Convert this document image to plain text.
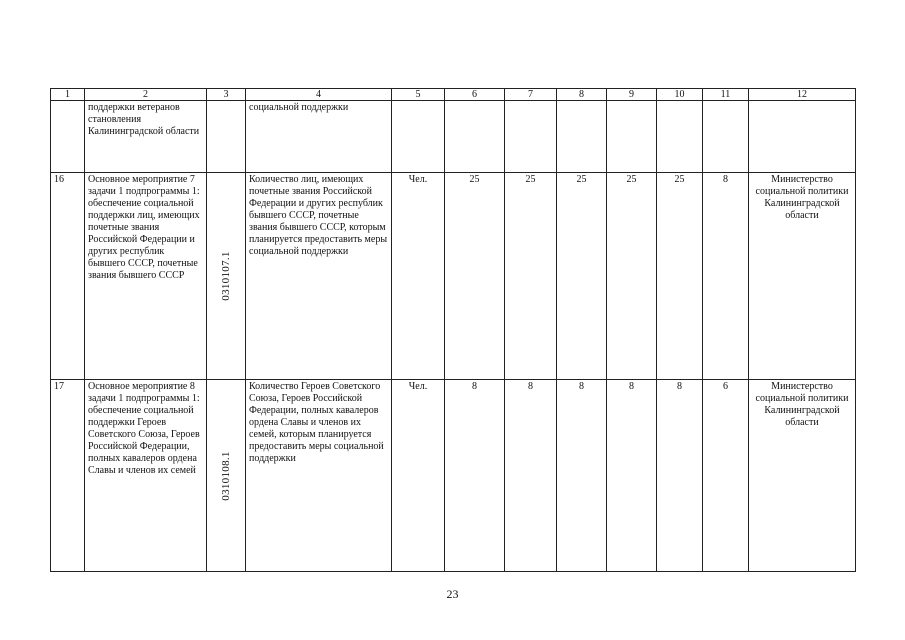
1	2	3	4	5	6	7	8	9	10	11	12
	поддержки ветеранов становления Калининградской области		социальной поддержки								
16	Основное мероприятие 7 задачи 1 подпрограммы 1: обеспечение социальной поддержки лиц, имеющих почетные звания Российской Федерации и других республик бывшего СССР, почетные звания бывшего СССР	0310107.1	Количество лиц, имеющих почетные звания Российской Федерации и других республик бывшего СССР, почетные звания бывшего СССР, которым планируется предоставить меры социальной поддержки	Чел.	25	25	25	25	25	8	Министерство социальной политики Калининградской области
17	Основное мероприятие 8 задачи 1 подпрограммы 1: обеспечение социальной поддержки Героев Советского Союза, Героев Российской Федерации, полных кавалеров ордена Славы и членов их семей	0310108.1	Количество Героев Советского Союза, Героев Российской Федерации, полных кавалеров ордена Славы и членов их семей, которым планируется предоставить меры социальной поддержки	Чел.	8	8	8	8	8	6	Министерство социальной политики Калининградской области
23
